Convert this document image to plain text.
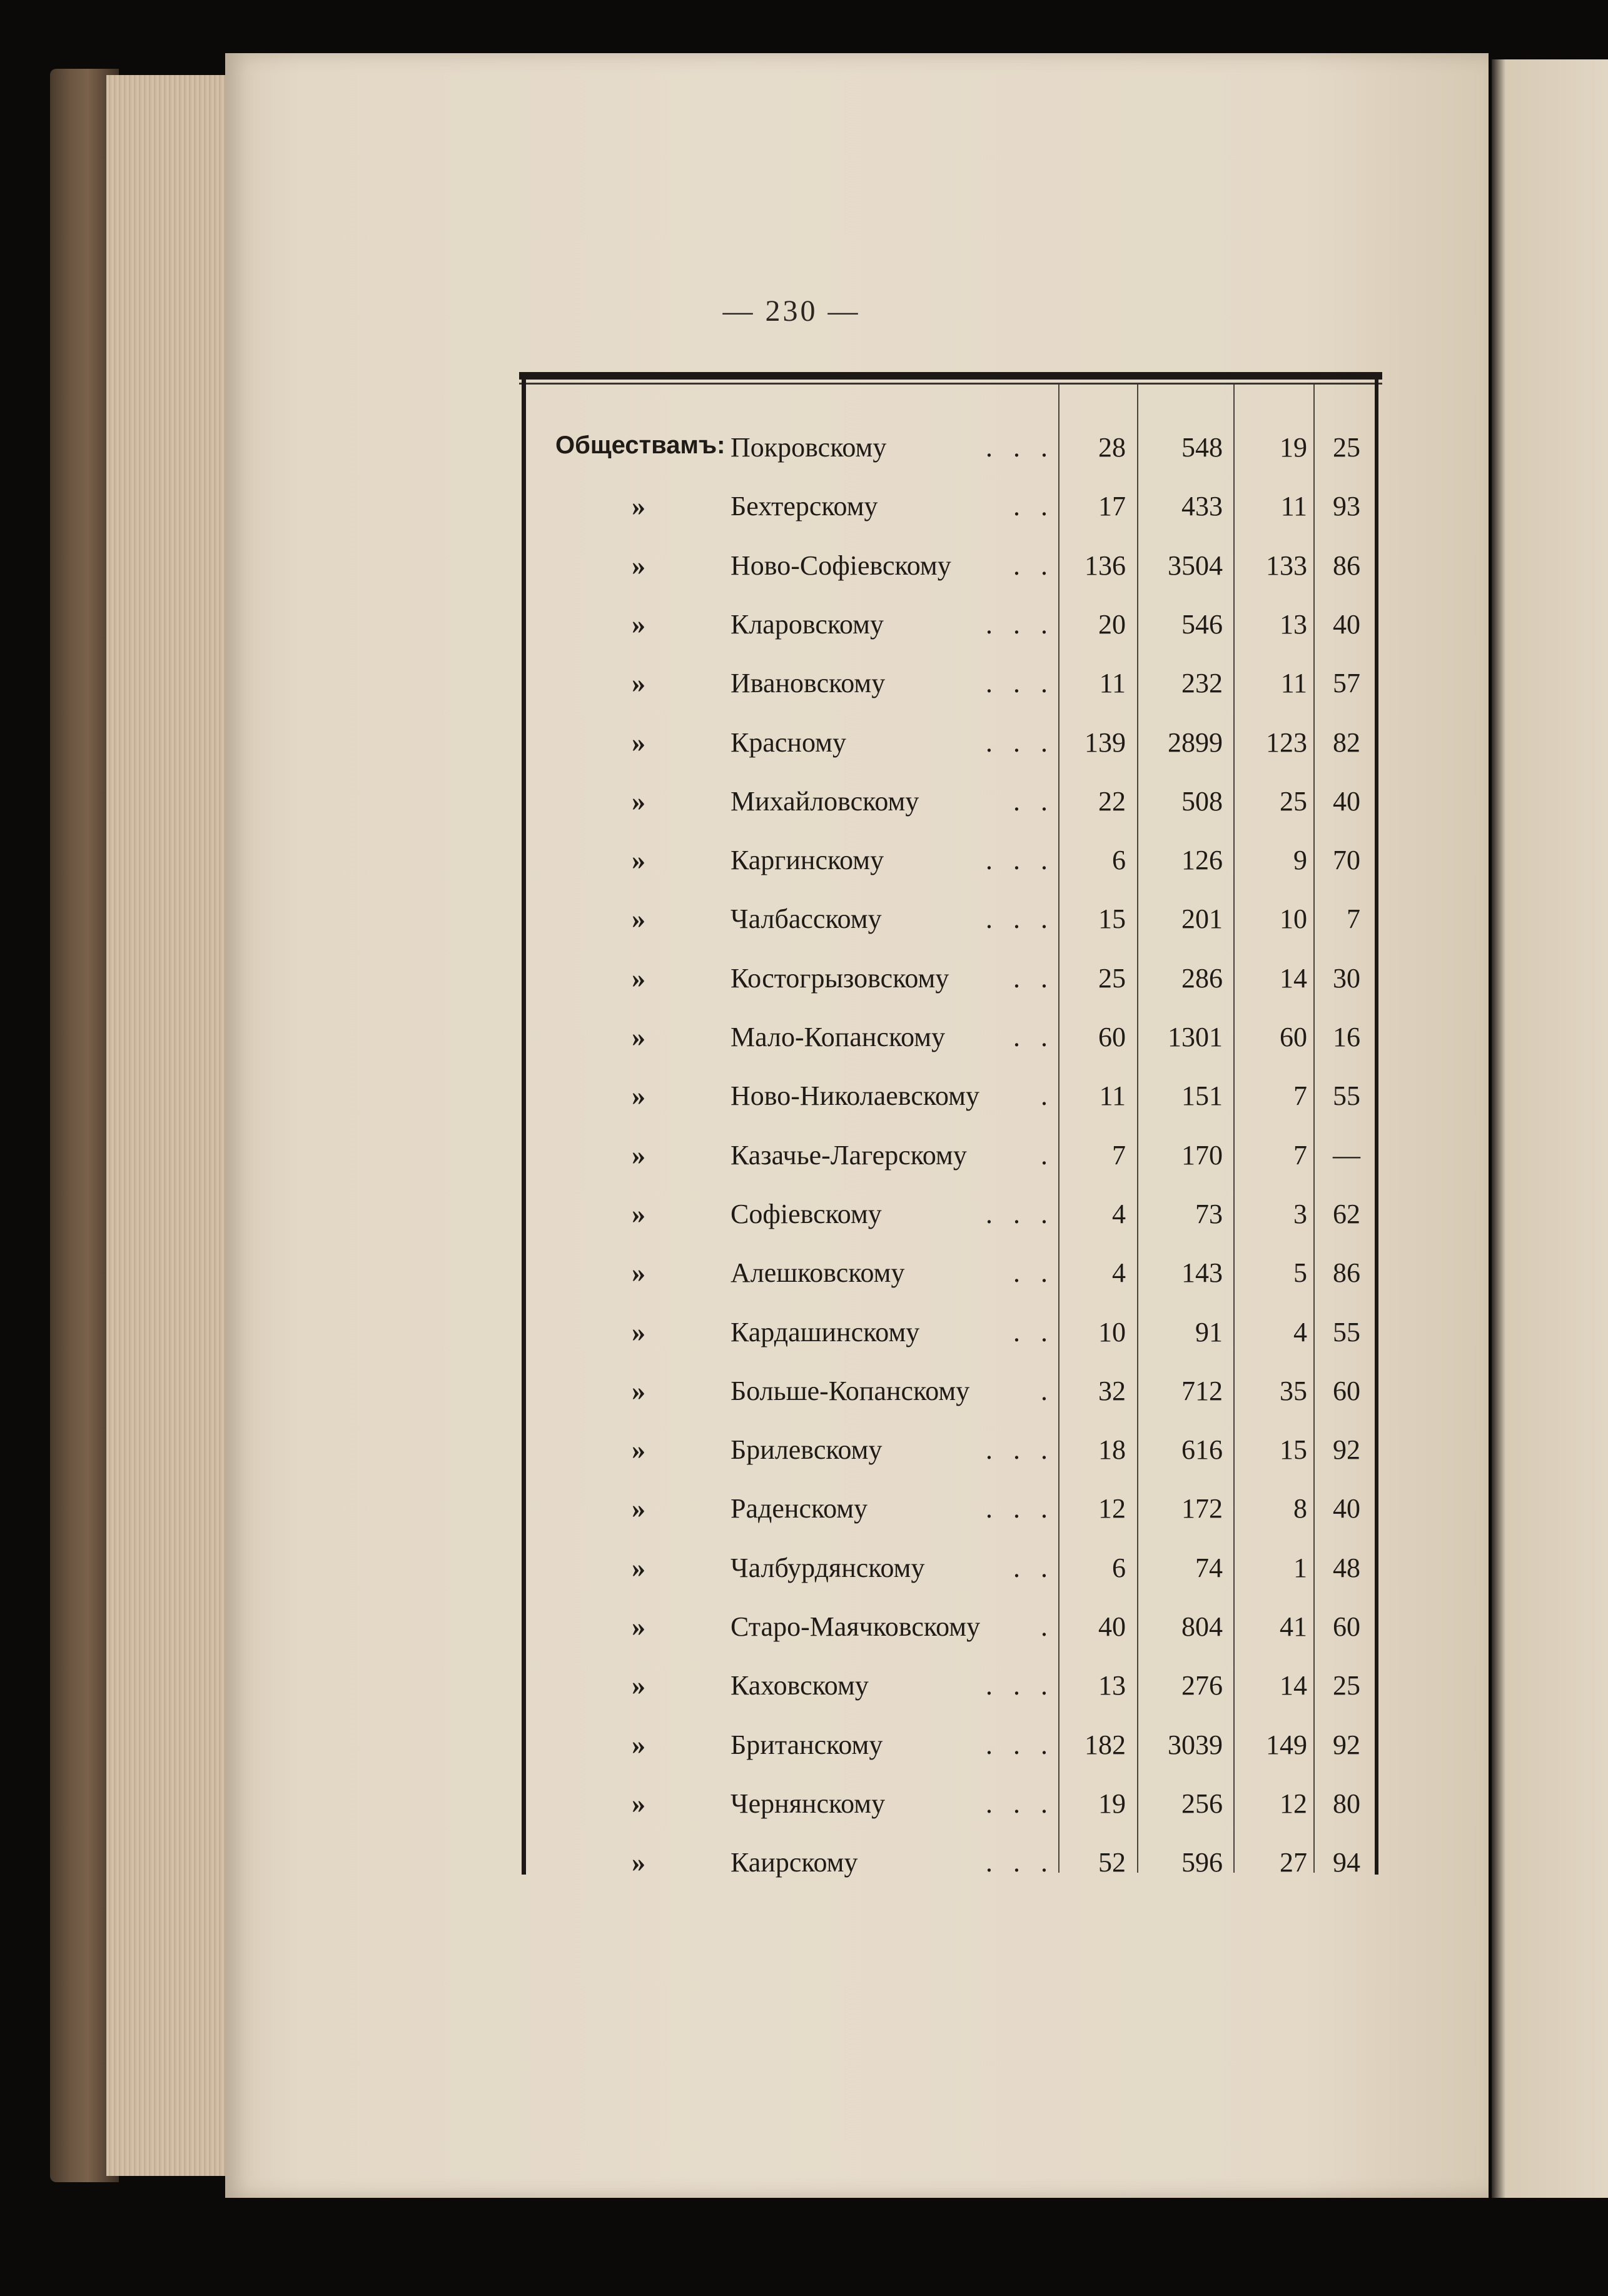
— 230 —
Обществамъ: Покровскому	.   .   .	28	548	19 25
»	Бехтерскому	.   .	17	433	11 93
»	Ново-Софіевскому .   .	136	3504	133 86
»	Кларовскому	.   .   .	20	546	13 40
»	Ивановскому	.   .   .	11	232	11 57
»	Красному	.   .   .	139	2899	123 82
»	Михайловскому	.   .	22	508	25 40
»	Каргинскому	.   .   .	6	126	9 70
»	Чалбасскому	.   .   .	15	201	10	7
»	Костогрызовскому .   .	25	286	14 30
»	Мало-Копанскому .   .	60	1301	60 16
»	Ново-Николаевскому .	11	151	7 55
»	Казачье-Лагерскому	.	7	170	7 —
»	Софіевскому	.   .   .	4	73	3 62
»	Алешковскому	.   .	4	143	5 86
»	Кардашинскому	.   .	10	91	4 55
»	Больше-Копанскому	.	32	712	35 60
»	Брилевскому	.   .   .	18	616	15 92
»	Раденскому	.   .   .	12	172	8 40
»	Чалбурдянскому	.   .	6	74	1 48
»	Старо-Маячковскому .	40	804	41 60
»	Каховскому	.   .   .	13	276	14 25
»	Британскому	.   .   .	182	3039	149 92
»	Чернянскому	.   .   .	19	256	12 80
»	Каирскому	.   .   .	52	596	27 94
